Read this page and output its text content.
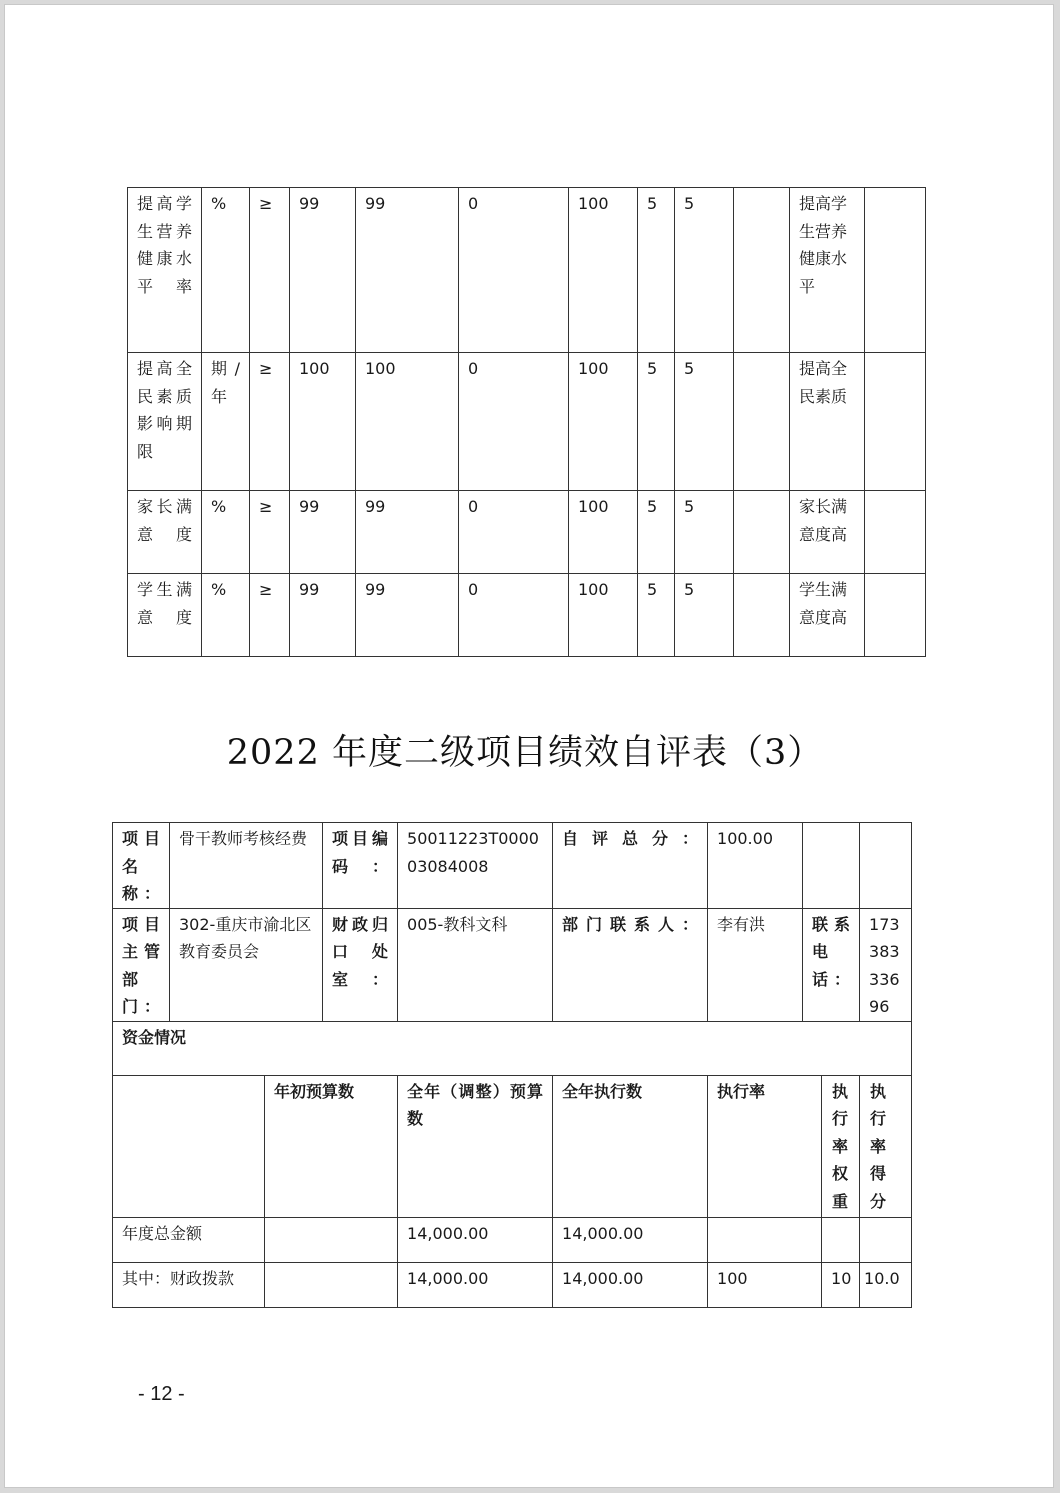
提高学生营养健康水平率	%	≥	99	99	0	100	5	5		提高学生营养健康水平	
提高全民素质影响期限	期/年	≥	100	100	0	100	5	5		提高全民素质	
家长满意度	%	≥	99	99	0	100	5	5		家长满意度高	
学生满意度	%	≥	99	99	0	100	5	5		学生满意度高	
2022 年度二级项目绩效自评表（3）
项目名称：	骨干教师考核经费		项目编码：	50011223T000003084008	自评总分：	100.00			
项目主管部门：	302-重庆市渝北区教育委员会		财政归口处室：	005-教科文科	部门联系人：	李有洪	联系电话：		17338333696
资金情况									
		年初预算数		全年（调整）预算数	全年执行数	执行率		执行率权重	执行率得分
年度总金额				14,000.00	14,000.00				
其中：财政拨款				14,000.00	14,000.00	100		10	10.0
- 12 -
